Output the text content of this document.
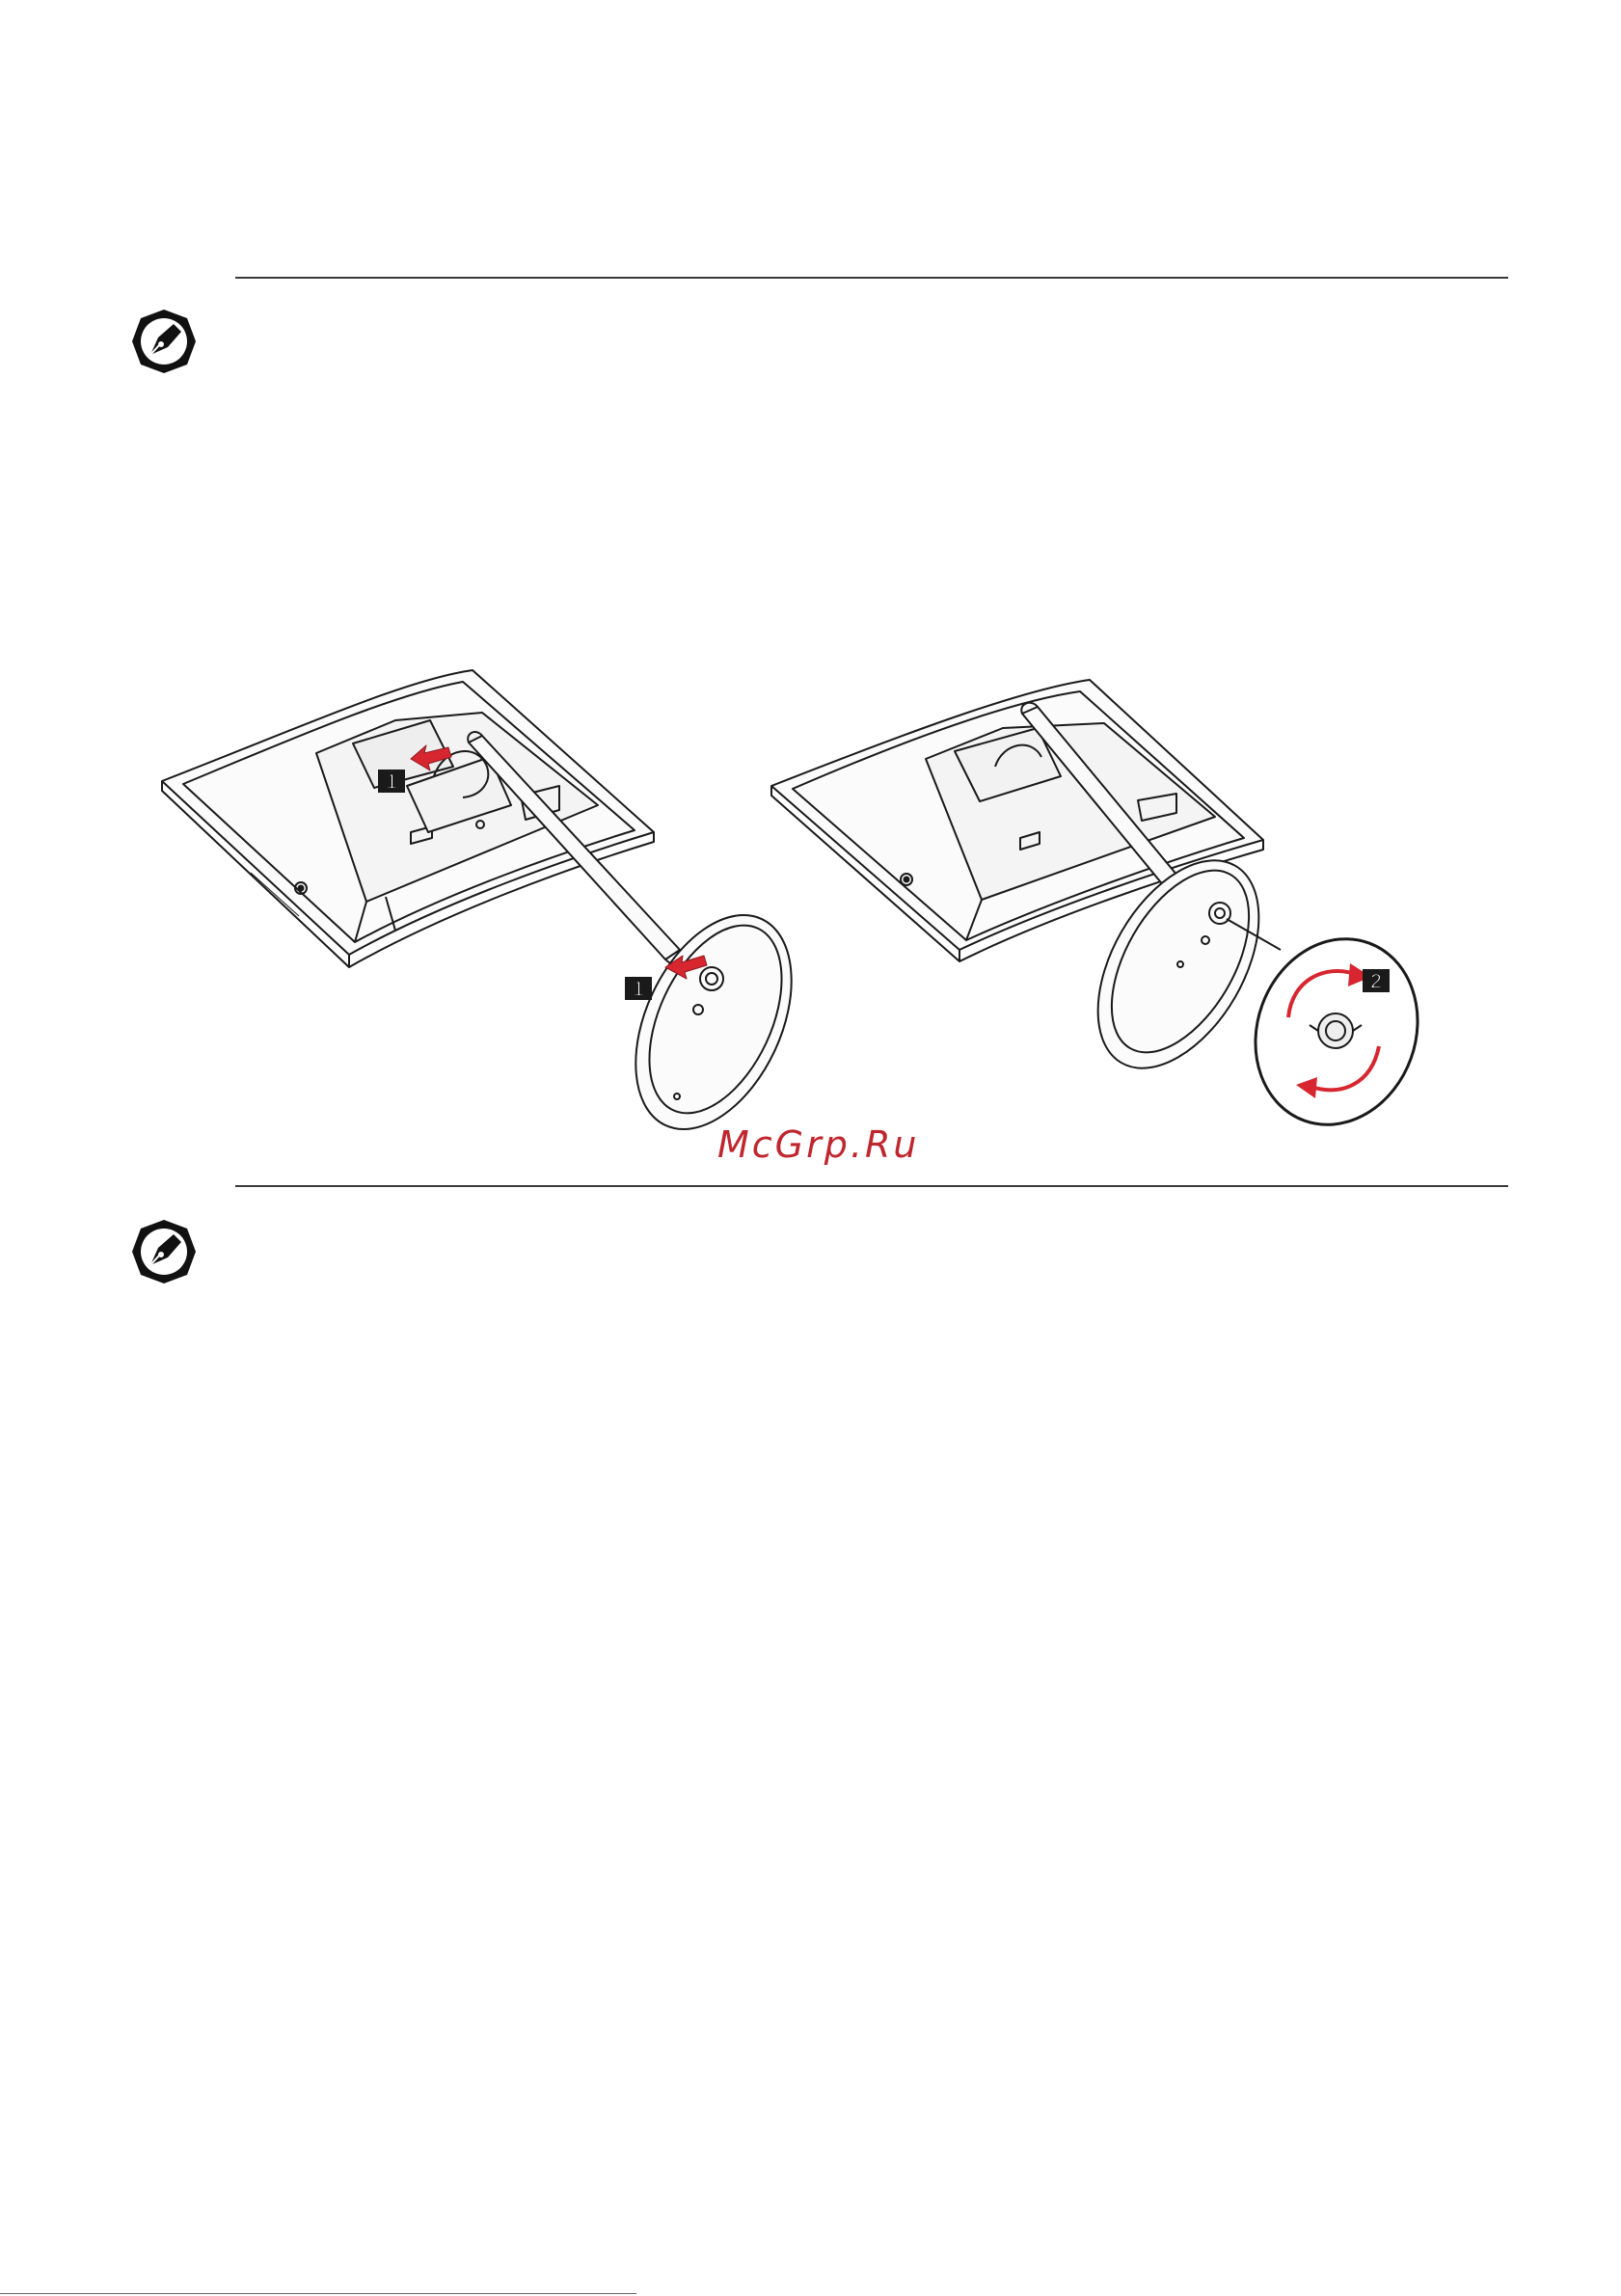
1
1	2
McGrp.Ru
